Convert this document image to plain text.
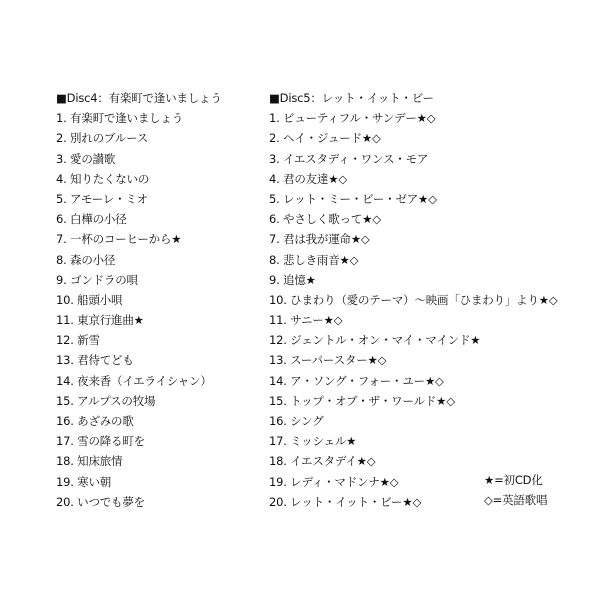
■Disc4：有楽町で逢いましょう
1. 有楽町で逢いましょう
2. 別れのブルース
3. 愛の讃歌
4. 知りたくないの
5. アモーレ・ミオ
6. 白樺の小径
7. 一杯のコーヒーから★
8. 森の小径
9. ゴンドラの唄
10. 船頭小唄
11. 東京行進曲★
12. 新雪
13. 君待てども
14. 夜来香（イエライシャン）
15. アルプスの牧場
16. あざみの歌
17. 雪の降る町を
18. 知床旅情
19. 寒い朝
20. いつでも夢を
■Disc5：レット・イット・ビー
1. ビューティフル・サンデー★◇
2. ヘイ・ジュード★◇
3. イエスタディ・ワンス・モア
4. 君の友達★◇
5. レット・ミー・ビー・ゼア★◇
6. やさしく歌って★◇
7. 君は我が運命★◇
8. 悲しき雨音★◇
9. 追憶★
10. ひまわり（愛のテーマ）～映画「ひまわり」より★◇
11. サニー★◇
12. ジェントル・オン・マイ・マインド★
13. スーパースター★◇
14. ア・ソング・フォー・ユー★◇
15. トップ・オブ・ザ・ワールド★◇
16. シング
17. ミッシェル★
18. イエスタデイ★◇
19. レディ・マドンナ★◇
20. レット・イット・ビー★◇
★=初CD化
◇=英語歌唱
